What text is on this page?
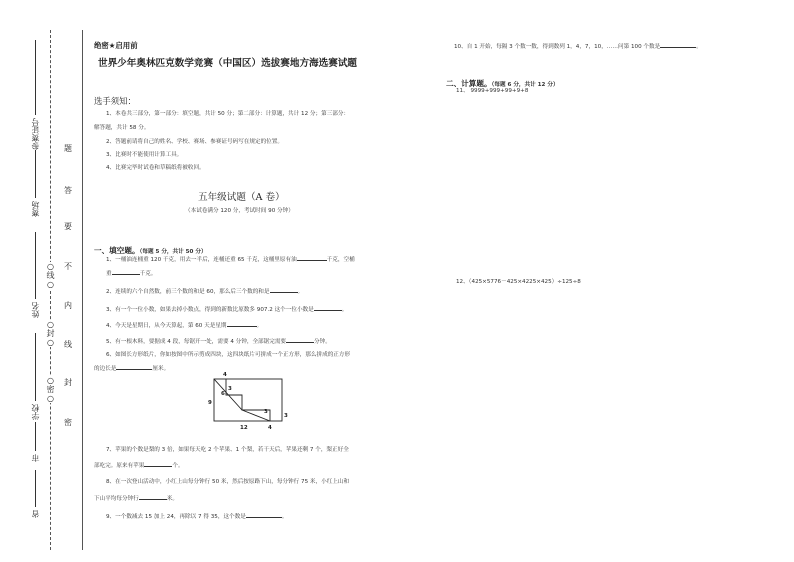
参赛证号
赛场
姓名
学校
市
省
○
线
○
○
封
○
○
密
○
题
答
要
不
内
线
封
密
绝密★启用前
世界少年奥林匹克数学竞赛（中国区）选拔赛地方海选赛试题
选手须知：
1、本卷共三部分，第一部分：填空题，共计 50 分；第二部分：计算题，共计 12 分；第三部分：
解答题，共计 58 分。
2、答题前请将自己的姓名、学校、赛场、参赛证号码写在规定的位置。
3、比赛时不能使用计算工具。
4、比赛完毕时试卷和草稿纸将被收回。
五年级试题（A 卷）
（本试卷满分 120 分，考试时间 90 分钟）
一、填空题。（每题 5 分，共计 50 分）
1、一桶油连桶重 120 千克，用去一半后，连桶还重 65 千克，这桶里原有油	千克，空桶
重	千克。
2、连续的六个自然数，前三个数的和是 60，那么后三个数的和是	。
3、有一个一位小数，如果去掉小数点，得到的新数比原数多 907.2 这个一位小数是	。
4、今天是星期日，从今天算起，第 60 天是星期	。
5、有一根木料，要据成 4 段，每锯开一处，需要 4 分钟，全部锯完需要	分钟。
6、如图长方形纸片，你如按图中所示剪成四块，这四块纸片可拼成一个正方形，那么拼成的正方形
的边长是	厘米。
4
3
9
6
3
12	4
3
7、苹果的个数是梨的 3 倍，如果每天吃 2 个苹果、1 个梨，若干天后，苹果还剩 7 个，梨正好全
部吃完。原来有苹果	个。
8、在一次登山活动中，小红上山每分钟行 50 米，然后按原路下山，每分钟行 75 米，小红上山和
下山平均每分钟行	米。
9、一个数减去 15 加上 24，再除以 7 得 35，这个数是	。
10、自 1 开始，每隔 3 个数一数，得到数列 1，4，7，10，……问第 100 个数是	。
二、计算题。（每题 6 分，共计 12 分）
11、 9999+999+99+9+8
12、（425×5776－425×4225×425）÷125÷8
